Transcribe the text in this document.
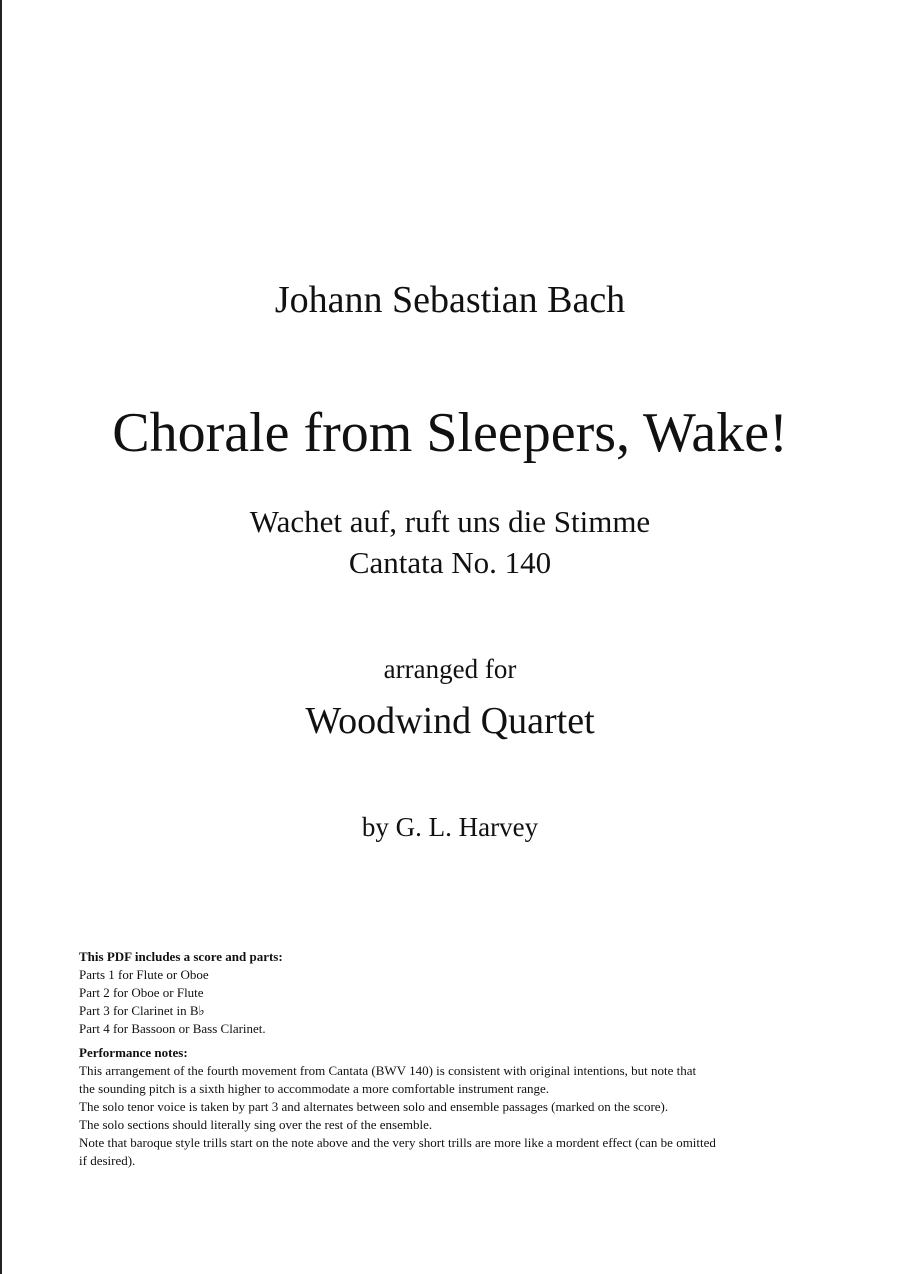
Johann Sebastian Bach
Chorale from Sleepers, Wake!
Wachet auf, ruft uns die Stimme
Cantata No. 140
arranged for
Woodwind Quartet
by G. L. Harvey
This PDF includes a score and parts:
Parts 1 for Flute or Oboe
Part 2 for Oboe or Flute
Part 3 for Clarinet in B♭
Part 4 for Bassoon or Bass Clarinet.
Performance notes:
This arrangement of the fourth movement from Cantata (BWV 140) is consistent with original intentions, but note that
the sounding pitch is a sixth higher to accommodate a more comfortable instrument range.
The solo tenor voice is taken by part 3 and alternates between solo and ensemble passages (marked on the score).
The solo sections should literally sing over the rest of the ensemble.
Note that baroque style trills start on the note above and the very short trills are more like a mordent effect (can be omitted
if desired).
